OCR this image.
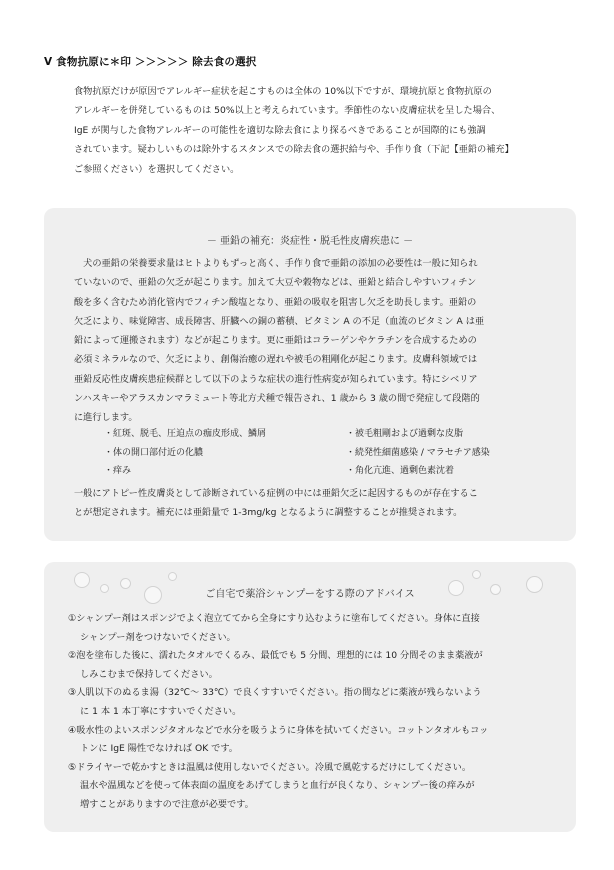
V 食物抗原に＊印 ＞＞＞＞＞ 除去食の選択

食物抗原だけが原因でアレルギー症状を起こすものは全体の 10%以下ですが、環境抗原と食物抗原の

アレルギーを併発しているものは 50%以上と考えられています。季節性のない皮膚症状を呈した場合、

IgE が関与した食物アレルギーの可能性を適切な除去食により探るべきであることが国際的にも強調

されています。疑わしいものは除外するスタンスでの除去食の選択給与や、手作り食（下記【亜鉛の補充】

ご参照ください）を選択してください。

－ 亜鉛の補充：炎症性・脱毛性皮膚疾患に －

　犬の亜鉛の栄養要求量はヒトよりもずっと高く、手作り食で亜鉛の添加の必要性は一般に知られ

ていないので、亜鉛の欠乏が起こります。加えて大豆や穀物などは、亜鉛と結合しやすいフィチン

酸を多く含むため消化管内でフィチン酸塩となり、亜鉛の吸収を阻害し欠乏を助長します。亜鉛の

欠乏により、味覚障害、成長障害、肝臓への銅の蓄積、ビタミン A の不足（血流のビタミン A は亜

鉛によって運搬されます）などが起こります。更に亜鉛はコラーゲンやケラチンを合成するための

必須ミネラルなので、欠乏により、創傷治癒の遅れや被毛の粗剛化が起こります。皮膚科領域では

亜鉛反応性皮膚疾患症候群として以下のような症状の進行性病変が知られています。特にシベリア

ンハスキーやアラスカンマラミュート等北方犬種で報告され、1 歳から 3 歳の間で発症して段階的

に進行します。

・紅斑、脱毛、圧迫点の痂皮形成、鱗屑
・体の開口部付近の化膿
・痒み
・被毛粗剛および過剰な皮脂
・続発性細菌感染 / マラセチア感染
・角化亢進、過剰色素沈着

一般にアトピー性皮膚炎として診断されている症例の中には亜鉛欠乏に起因するものが存在するこ

とが想定されます。補充には亜鉛量で 1-3mg/kg となるように調整することが推奨されます。

ご自宅で薬浴シャンプーをする際のアドバイス

①シャンプー剤はスポンジでよく泡立ててから全身にすり込むように塗布してください。身体に直接

シャンプー剤をつけないでください。

②泡を塗布した後に、濡れたタオルでくるみ、最低でも 5 分間、理想的には 10 分間そのまま薬液が

しみこむまで保持してください。

③人肌以下のぬるま湯（32℃～ 33℃）で良くすすいでください。指の間などに薬液が残らないよう

に 1 本 1 本丁寧にすすいでください。

④吸水性のよいスポンジタオルなどで水分を吸うように身体を拭いてください。コットンタオルもコッ

トンに IgE 陽性でなければ OK です。

⑤ドライヤーで乾かすときは温風は使用しないでください。冷風で風乾するだけにしてください。

温水や温風などを使って体表面の温度をあげてしまうと血行が良くなり、シャンプー後の痒みが

増すことがありますので注意が必要です。
